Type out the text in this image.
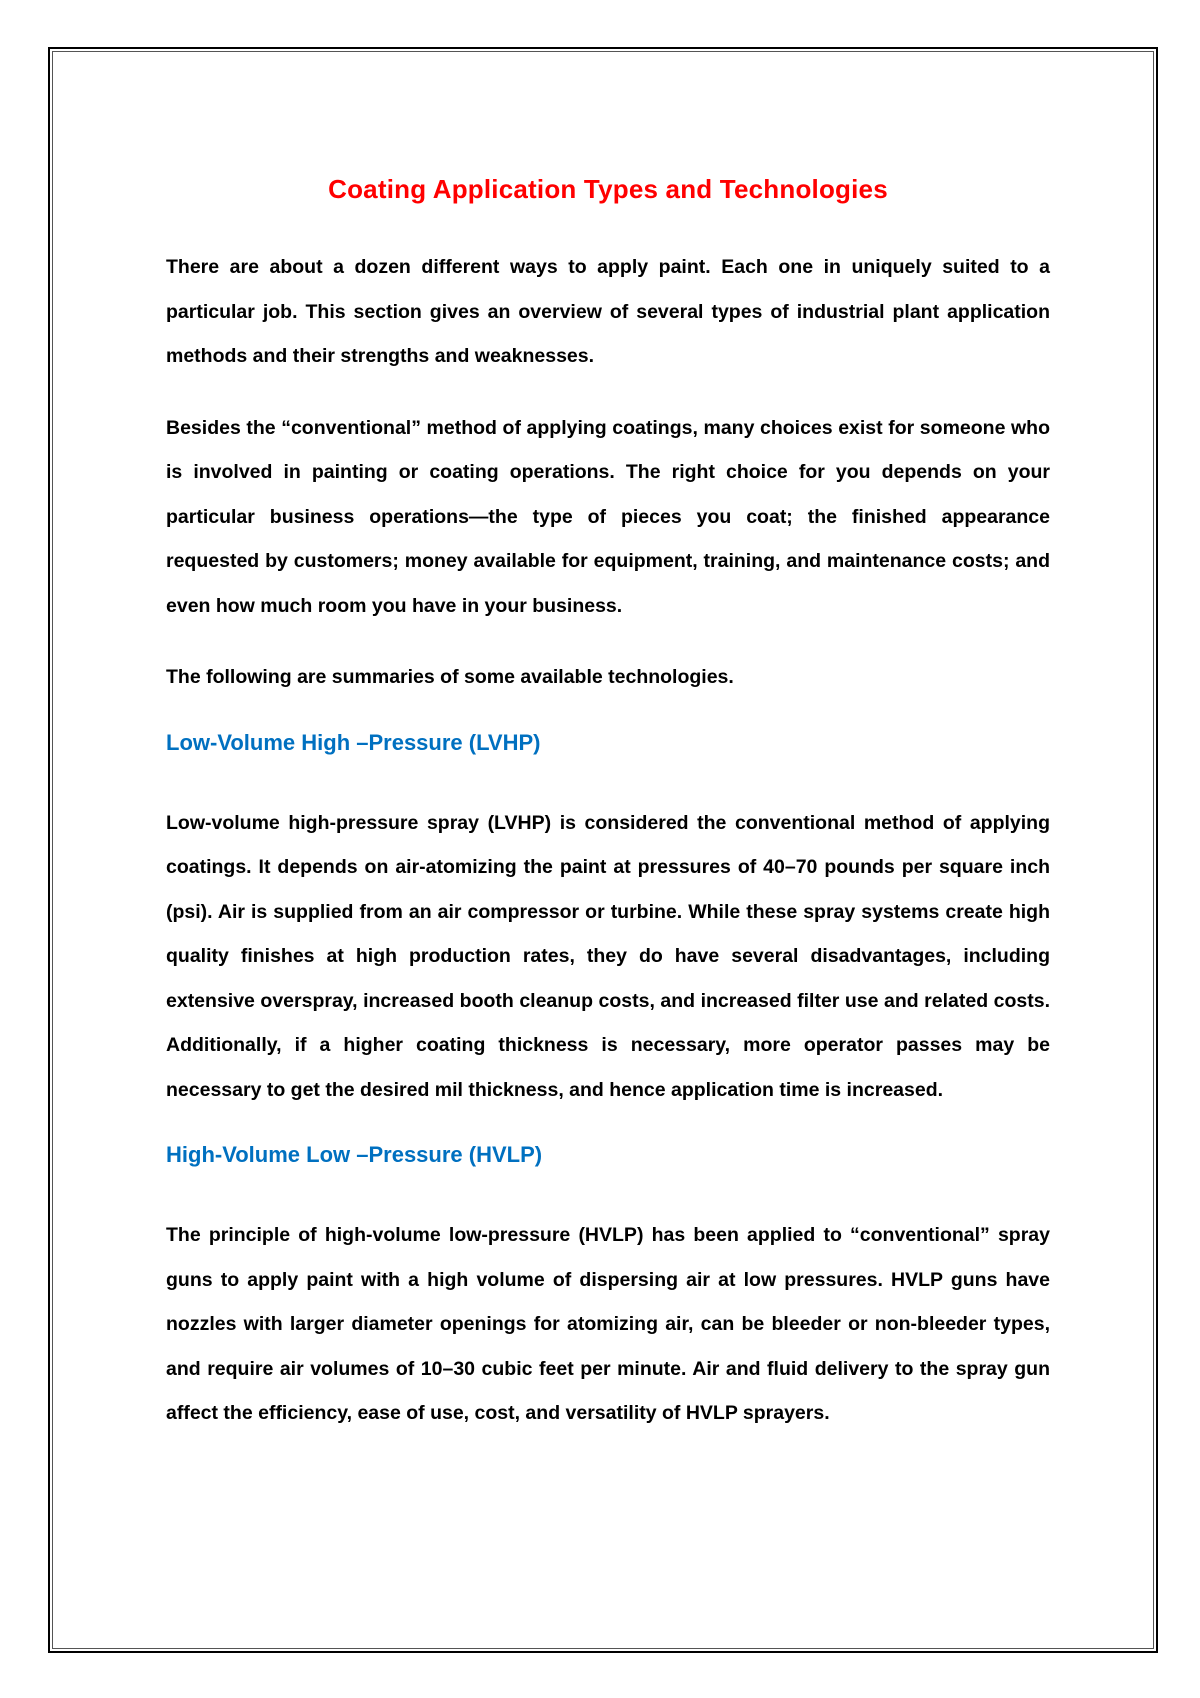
Coating Application Types and Technologies

There are about a dozen different ways to apply paint. Each one in uniquely suited to a particular job. This section gives an overview of several types of industrial plant application methods and their strengths and weaknesses.

Besides the “conventional” method of applying coatings, many choices exist for someone who is involved in painting or coating operations. The right choice for you depends on your particular business operations—the type of pieces you coat; the finished appearance requested by customers; money available for equipment, training, and maintenance costs; and even how much room you have in your business.

The following are summaries of some available technologies.

Low-Volume High –Pressure (LVHP)

Low-volume high-pressure spray (LVHP) is considered the conventional method of applying coatings. It depends on air-atomizing the paint at pressures of 40–70 pounds per square inch (psi). Air is supplied from an air compressor or turbine. While these spray systems create high quality finishes at high production rates, they do have several disadvantages, including extensive overspray, increased booth cleanup costs, and increased filter use and related costs. Additionally, if a higher coating thickness is necessary, more operator passes may be necessary to get the desired mil thickness, and hence application time is increased.

High-Volume Low –Pressure (HVLP)

The principle of high-volume low-pressure (HVLP) has been applied to “conventional” spray guns to apply paint with a high volume of dispersing air at low pressures. HVLP guns have nozzles with larger diameter openings for atomizing air, can be bleeder or non-bleeder types, and require air volumes of 10–30 cubic feet per minute. Air and fluid delivery to the spray gun affect the efficiency, ease of use, cost, and versatility of HVLP sprayers.
